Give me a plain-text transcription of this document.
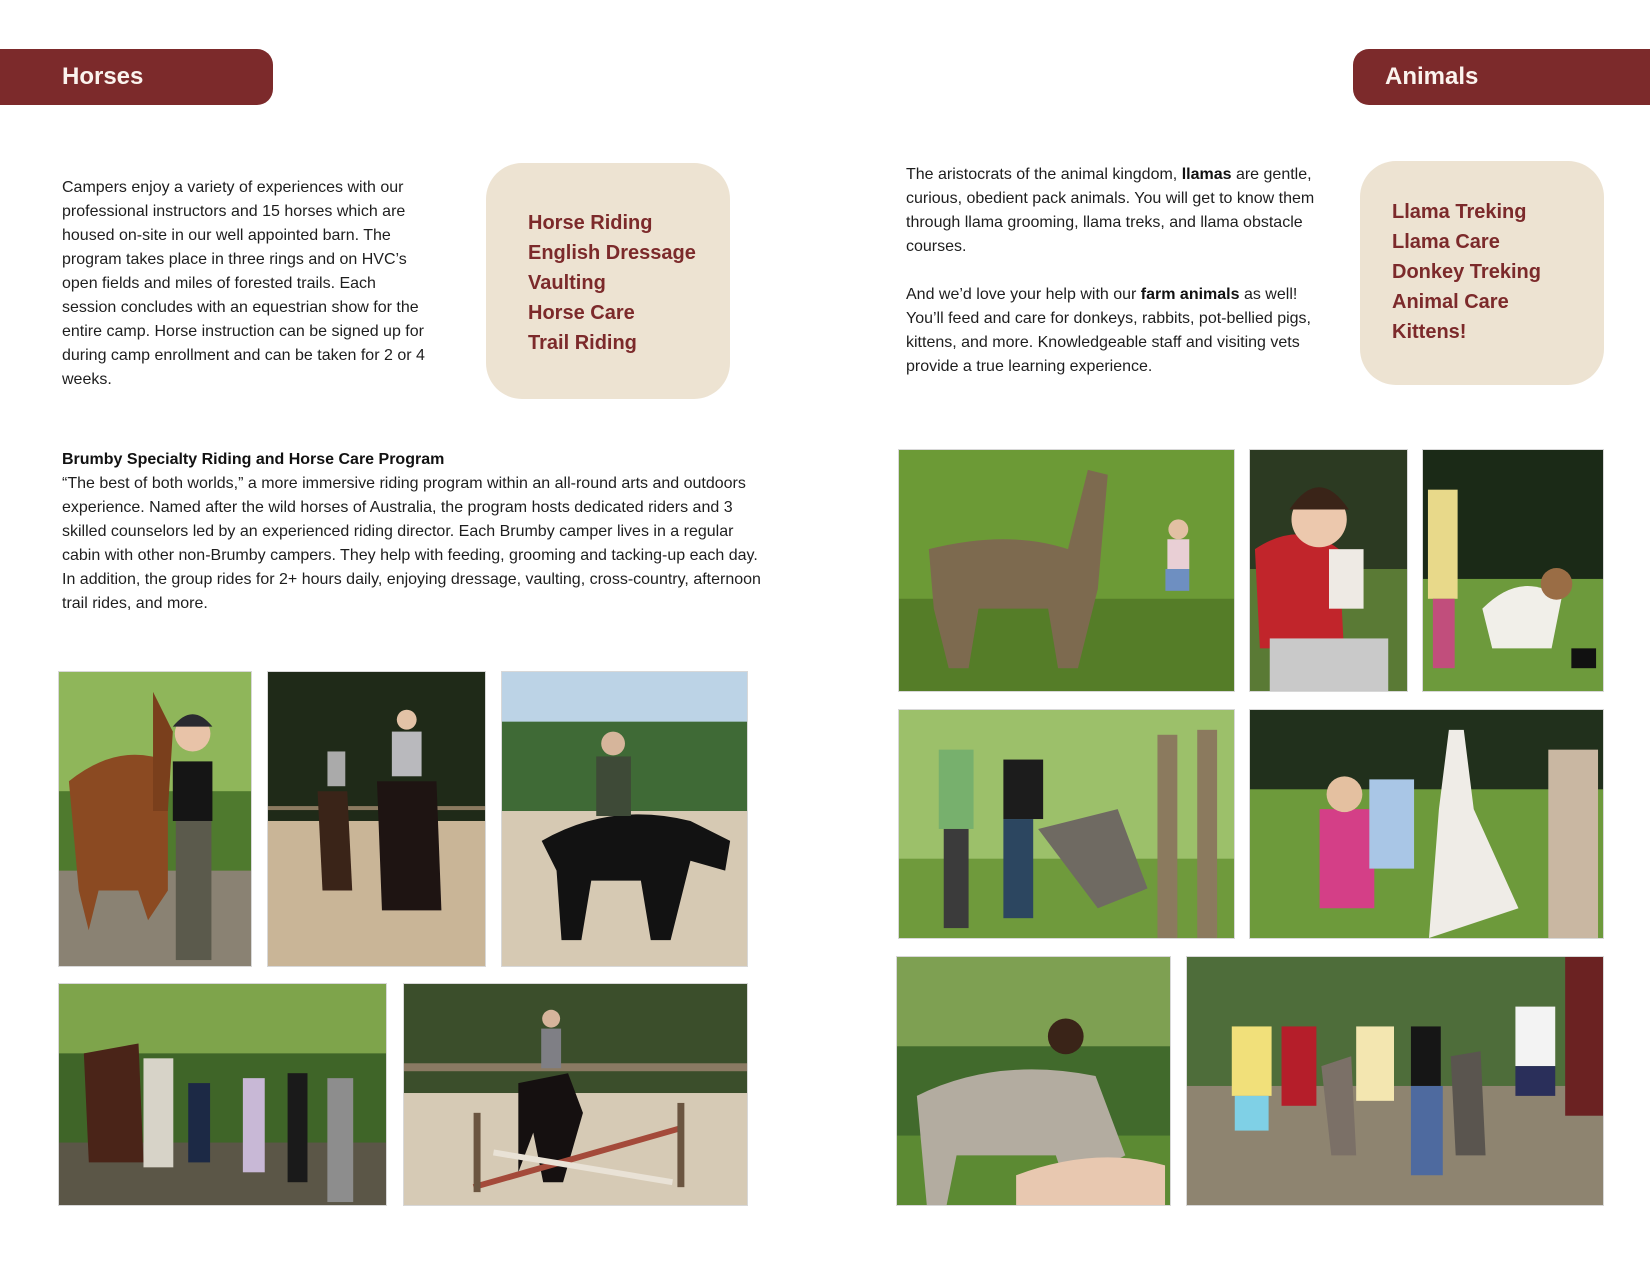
Horses

Campers enjoy a variety of experiences with our professional instructors and 15 horses which are housed on-site in our well appointed barn. The program takes place in three rings and on HVC’s open fields and miles of forested trails. Each session concludes with an equestrian show for the entire camp. Horse instruction can be signed up for during camp enrollment and can be taken for 2 or 4 weeks.

Horse Riding
English Dressage
Vaulting
Horse Care
Trail Riding
Brumby Specialty Riding and Horse Care Program

“The best of both worlds,” a more immersive riding program within an all-round arts and outdoors experience. Named after the wild horses of Australia, the program hosts dedicated riders and 3 skilled counselors led by an experienced riding director. Each Brumby camper lives in a regular cabin with other non-Brumby campers. They help with feeding, grooming and tacking-up each day. In addition, the group rides for 2+ hours daily, enjoying dressage, vaulting, cross-country, afternoon trail rides, and more.

Animals

The aristocrats of the animal kingdom, llamas are gentle, curious, obedient pack animals. You will get to know them through llama grooming, llama treks, and llama obstacle courses.

And we’d love your help with our farm animals as well! You’ll feed and care for donkeys, rabbits, pot-bellied pigs, kittens, and more. Knowledgeable staff and visiting vets provide a true learning experience.

Llama Treking
Llama Care
Donkey Treking
Animal Care
Kittens!
